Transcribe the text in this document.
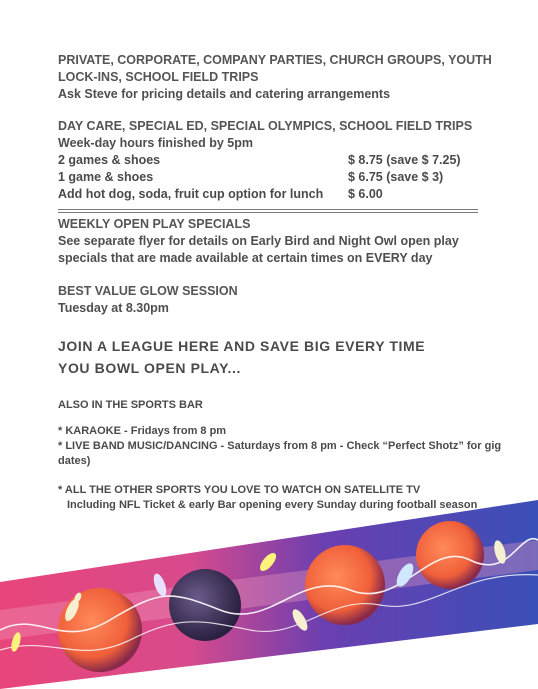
PRIVATE, CORPORATE, COMPANY PARTIES, CHURCH GROUPS, YOUTH
LOCK-INS, SCHOOL FIELD TRIPS
Ask Steve for pricing details and catering arrangements
DAY CARE, SPECIAL ED, SPECIAL OLYMPICS, SCHOOL FIELD TRIPS
Week-day hours finished by 5pm
2 games & shoes	$ 8.75 (save $ 7.25)
1 game & shoes	$ 6.75 (save $ 3)
Add hot dog, soda, fruit cup option for lunch $ 6.00
WEEKLY OPEN PLAY SPECIALS
See separate flyer for details on Early Bird and Night Owl open play
specials that are made available at certain times on EVERY day
BEST VALUE GLOW SESSION
Tuesday at 8.30pm
JOIN A LEAGUE HERE AND SAVE BIG EVERY TIME
YOU BOWL OPEN PLAY...
ALSO IN THE SPORTS BAR
* KARAOKE - Fridays from 8 pm
* LIVE BAND MUSIC/DANCING - Saturdays from 8 pm - Check “Perfect Shotz” for gig
dates)
* ALL THE OTHER SPORTS YOU LOVE TO WATCH ON SATELLITE TV
Including NFL Ticket & early Bar opening every Sunday during football season
